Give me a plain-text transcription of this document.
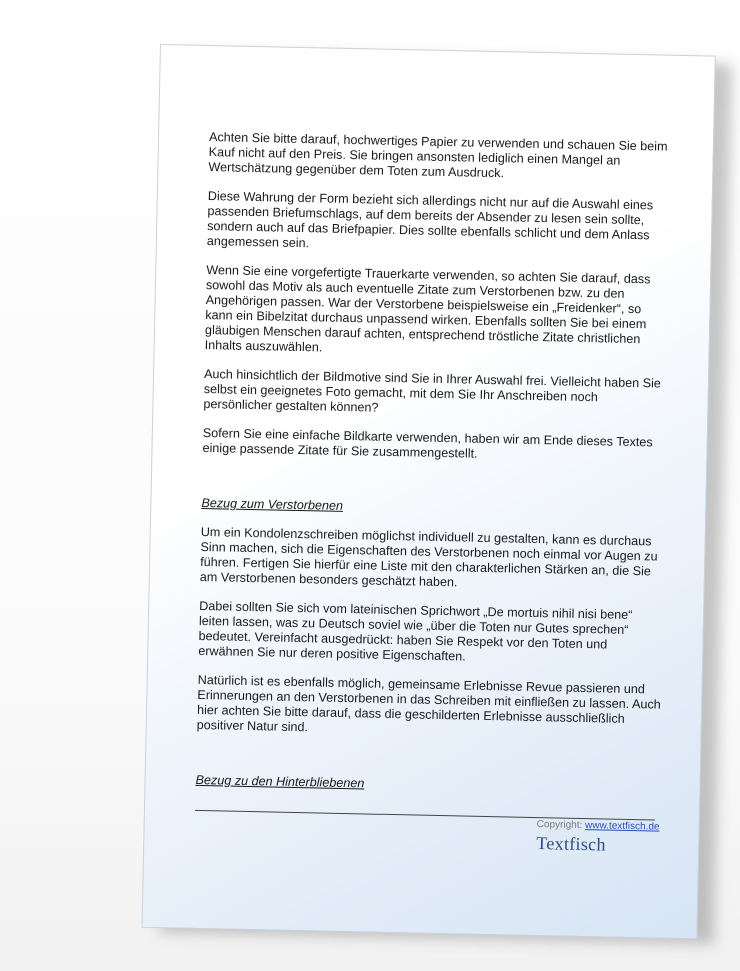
Achten Sie bitte darauf, hochwertiges Papier zu verwenden und schauen Sie beim Kauf nicht auf den Preis. Sie bringen ansonsten lediglich einen Mangel an Wertschätzung gegenüber dem Toten zum Ausdruck.

Diese Wahrung der Form bezieht sich allerdings nicht nur auf die Auswahl eines passenden Briefumschlags, auf dem bereits der Absender zu lesen sein sollte, sondern auch auf das Briefpapier. Dies sollte ebenfalls schlicht und dem Anlass angemessen sein.

Wenn Sie eine vorgefertigte Trauerkarte verwenden, so achten Sie darauf, dass sowohl das Motiv als auch eventuelle Zitate zum Verstorbenen bzw. zu den Angehörigen passen. War der Verstorbene beispielsweise ein „Freidenker“, so kann ein Bibelzitat durchaus unpassend wirken. Ebenfalls sollten Sie bei einem gläubigen Menschen darauf achten, entsprechend tröstliche Zitate christlichen Inhalts auszuwählen.

Auch hinsichtlich der Bildmotive sind Sie in Ihrer Auswahl frei. Vielleicht haben Sie selbst ein geeignetes Foto gemacht, mit dem Sie Ihr Anschreiben noch persönlicher gestalten können?

Sofern Sie eine einfache Bildkarte verwenden, haben wir am Ende dieses Textes einige passende Zitate für Sie zusammengestellt.

Bezug zum Verstorbenen

Um ein Kondolenzschreiben möglichst individuell zu gestalten, kann es durchaus Sinn machen, sich die Eigenschaften des Verstorbenen noch einmal vor Augen zu führen. Fertigen Sie hierfür eine Liste mit den charakterlichen Stärken an, die Sie am Verstorbenen besonders geschätzt haben.

Dabei sollten Sie sich vom lateinischen Sprichwort „De mortuis nihil nisi bene“ leiten lassen, was zu Deutsch soviel wie „über die Toten nur Gutes sprechen“ bedeutet. Vereinfacht ausgedrückt: haben Sie Respekt vor den Toten und erwähnen Sie nur deren positive Eigenschaften.

Natürlich ist es ebenfalls möglich, gemeinsame Erlebnisse Revue passieren und Erinnerungen an den Verstorbenen in das Schreiben mit einfließen zu lassen. Auch hier achten Sie bitte darauf, dass die geschilderten Erlebnisse ausschließlich positiver Natur sind.

Bezug zu den Hinterbliebenen
Copyright: www.textfisch.de
Textfisch
